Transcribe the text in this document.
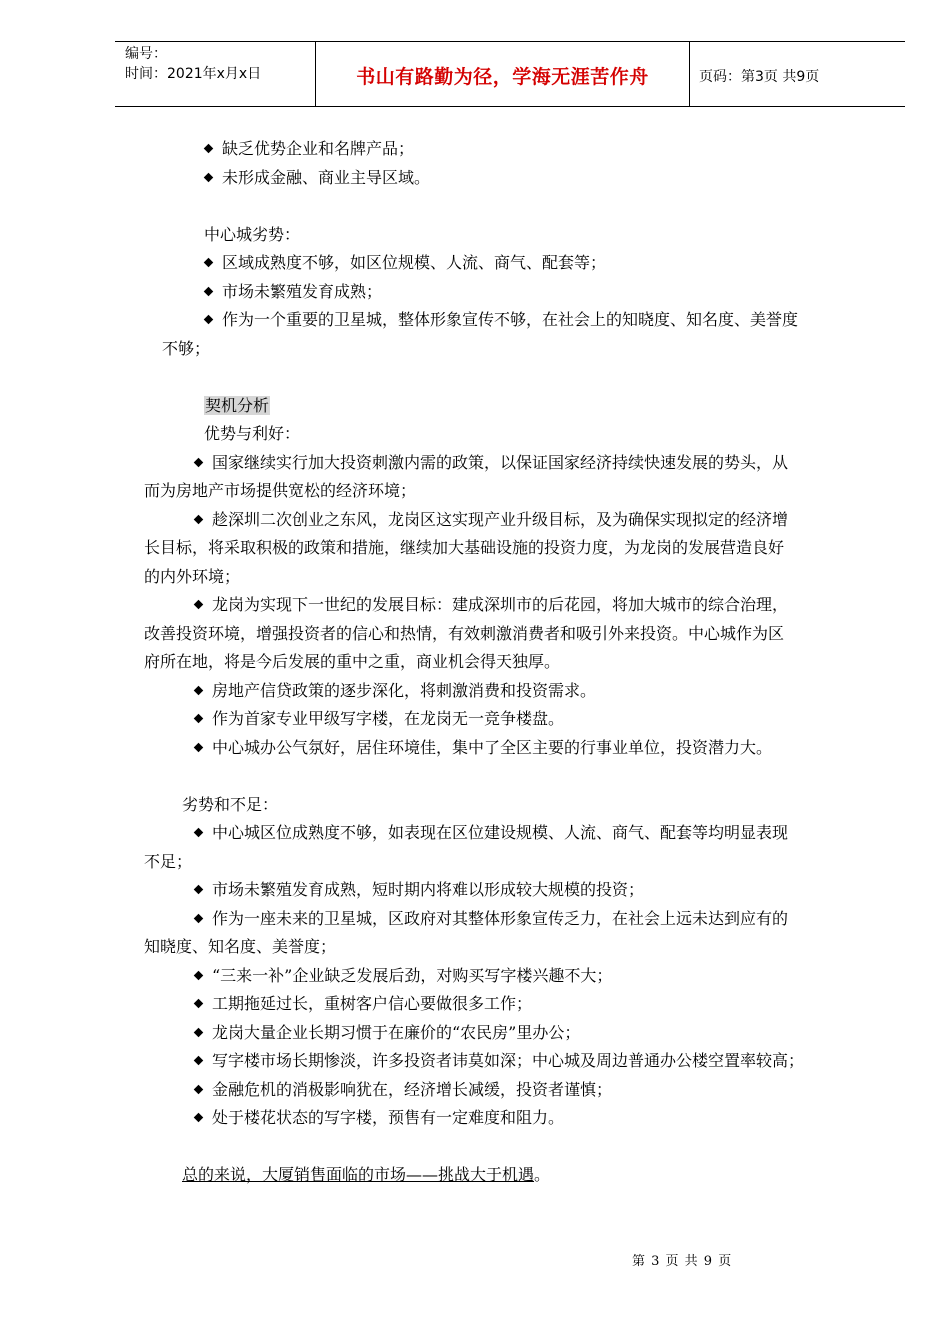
编号：
时间：2021年x月x日	书山有路勤为径，学海无涯苦作舟	页码：第3页 共9页
缺乏优势企业和名牌产品；
未形成金融、商业主导区域。
中心城劣势：
区域成熟度不够，如区位规模、人流、商气、配套等；
市场未繁殖发育成熟；
作为一个重要的卫星城，整体形象宣传不够，在社会上的知晓度、知名度、美誉度
不够；
契机分析
优势与利好：
国家继续实行加大投资刺激内需的政策，以保证国家经济持续快速发展的势头，从
而为房地产市场提供宽松的经济环境；
趁深圳二次创业之东风，龙岗区这实现产业升级目标，及为确保实现拟定的经济增
长目标，将采取积极的政策和措施，继续加大基础设施的投资力度，为龙岗的发展营造良好
的内外环境；
龙岗为实现下一世纪的发展目标：建成深圳市的后花园，将加大城市的综合治理，
改善投资环境，增强投资者的信心和热情，有效刺激消费者和吸引外来投资。中心城作为区
府所在地，将是今后发展的重中之重，商业机会得天独厚。
房地产信贷政策的逐步深化，将刺激消费和投资需求。
作为首家专业甲级写字楼，在龙岗无一竞争楼盘。
中心城办公气氛好，居住环境佳，集中了全区主要的行事业单位，投资潜力大。
劣势和不足：
中心城区位成熟度不够，如表现在区位建设规模、人流、商气、配套等均明显表现
不足；
市场未繁殖发育成熟，短时期内将难以形成较大规模的投资；
作为一座未来的卫星城，区政府对其整体形象宣传乏力，在社会上远未达到应有的
知晓度、知名度、美誉度；
“三来一补”企业缺乏发展后劲，对购买写字楼兴趣不大；
工期拖延过长，重树客户信心要做很多工作；
龙岗大量企业长期习惯于在廉价的“农民房”里办公；
写字楼市场长期惨淡，许多投资者讳莫如深；中心城及周边普通办公楼空置率较高；
金融危机的消极影响犹在，经济增长减缓，投资者谨慎；
处于楼花状态的写字楼，预售有一定难度和阻力。
总的来说，大厦销售面临的市场——挑战大于机遇。
第 3 页 共 9 页
